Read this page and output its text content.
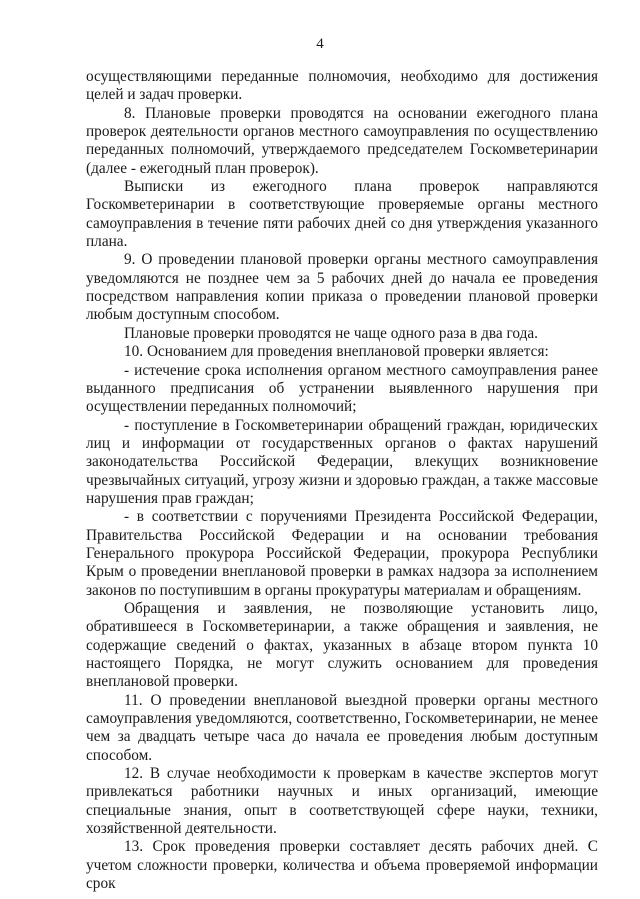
4

осуществляющими переданные полномочия, необходимо для достижения целей и задач проверки.

8. Плановые проверки проводятся на основании ежегодного плана проверок деятельности органов местного самоуправления по осуществлению переданных полномочий, утверждаемого председателем Госкомветеринарии (далее - ежегодный план проверок).

Выписки из ежегодного плана проверок направляются Госкомветеринарии в соответствующие проверяемые органы местного самоуправления в течение пяти рабочих дней со дня утверждения указанного плана.

9. О проведении плановой проверки органы местного самоуправления уведомляются не позднее чем за 5 рабочих дней до начала ее проведения посредством направления копии приказа о проведении плановой проверки любым доступным способом.

Плановые проверки проводятся не чаще одного раза в два года.

10. Основанием для проведения внеплановой проверки является:

- истечение срока исполнения органом местного самоуправления ранее выданного предписания об устранении выявленного нарушения при осуществлении переданных полномочий;

- поступление в Госкомветеринарии обращений граждан, юридических лиц и информации от государственных органов о фактах нарушений законодательства Российской Федерации, влекущих возникновение чрезвычайных ситуаций, угрозу жизни и здоровью граждан, а также массовые нарушения прав граждан;

- в соответствии с поручениями Президента Российской Федерации, Правительства Российской Федерации и на основании требования Генерального прокурора Российской Федерации, прокурора Республики Крым о проведении внеплановой проверки в рамках надзора за исполнением законов по поступившим в органы прокуратуры материалам и обращениям.

Обращения и заявления, не позволяющие установить лицо, обратившееся в Госкомветеринарии, а также обращения и заявления, не содержащие сведений о фактах, указанных в абзаце втором пункта 10 настоящего Порядка, не могут служить основанием для проведения внеплановой проверки.

11. О проведении внеплановой выездной проверки органы местного самоуправления уведомляются, соответственно, Госкомветеринарии, не менее чем за двадцать четыре часа до начала ее проведения любым доступным способом.

12. В случае необходимости к проверкам в качестве экспертов могут привлекаться работники научных и иных организаций, имеющие специальные знания, опыт в соответствующей сфере науки, техники, хозяйственной деятельности.

13. Срок проведения проверки составляет десять рабочих дней. С учетом сложности проверки, количества и объема проверяемой информации срок
